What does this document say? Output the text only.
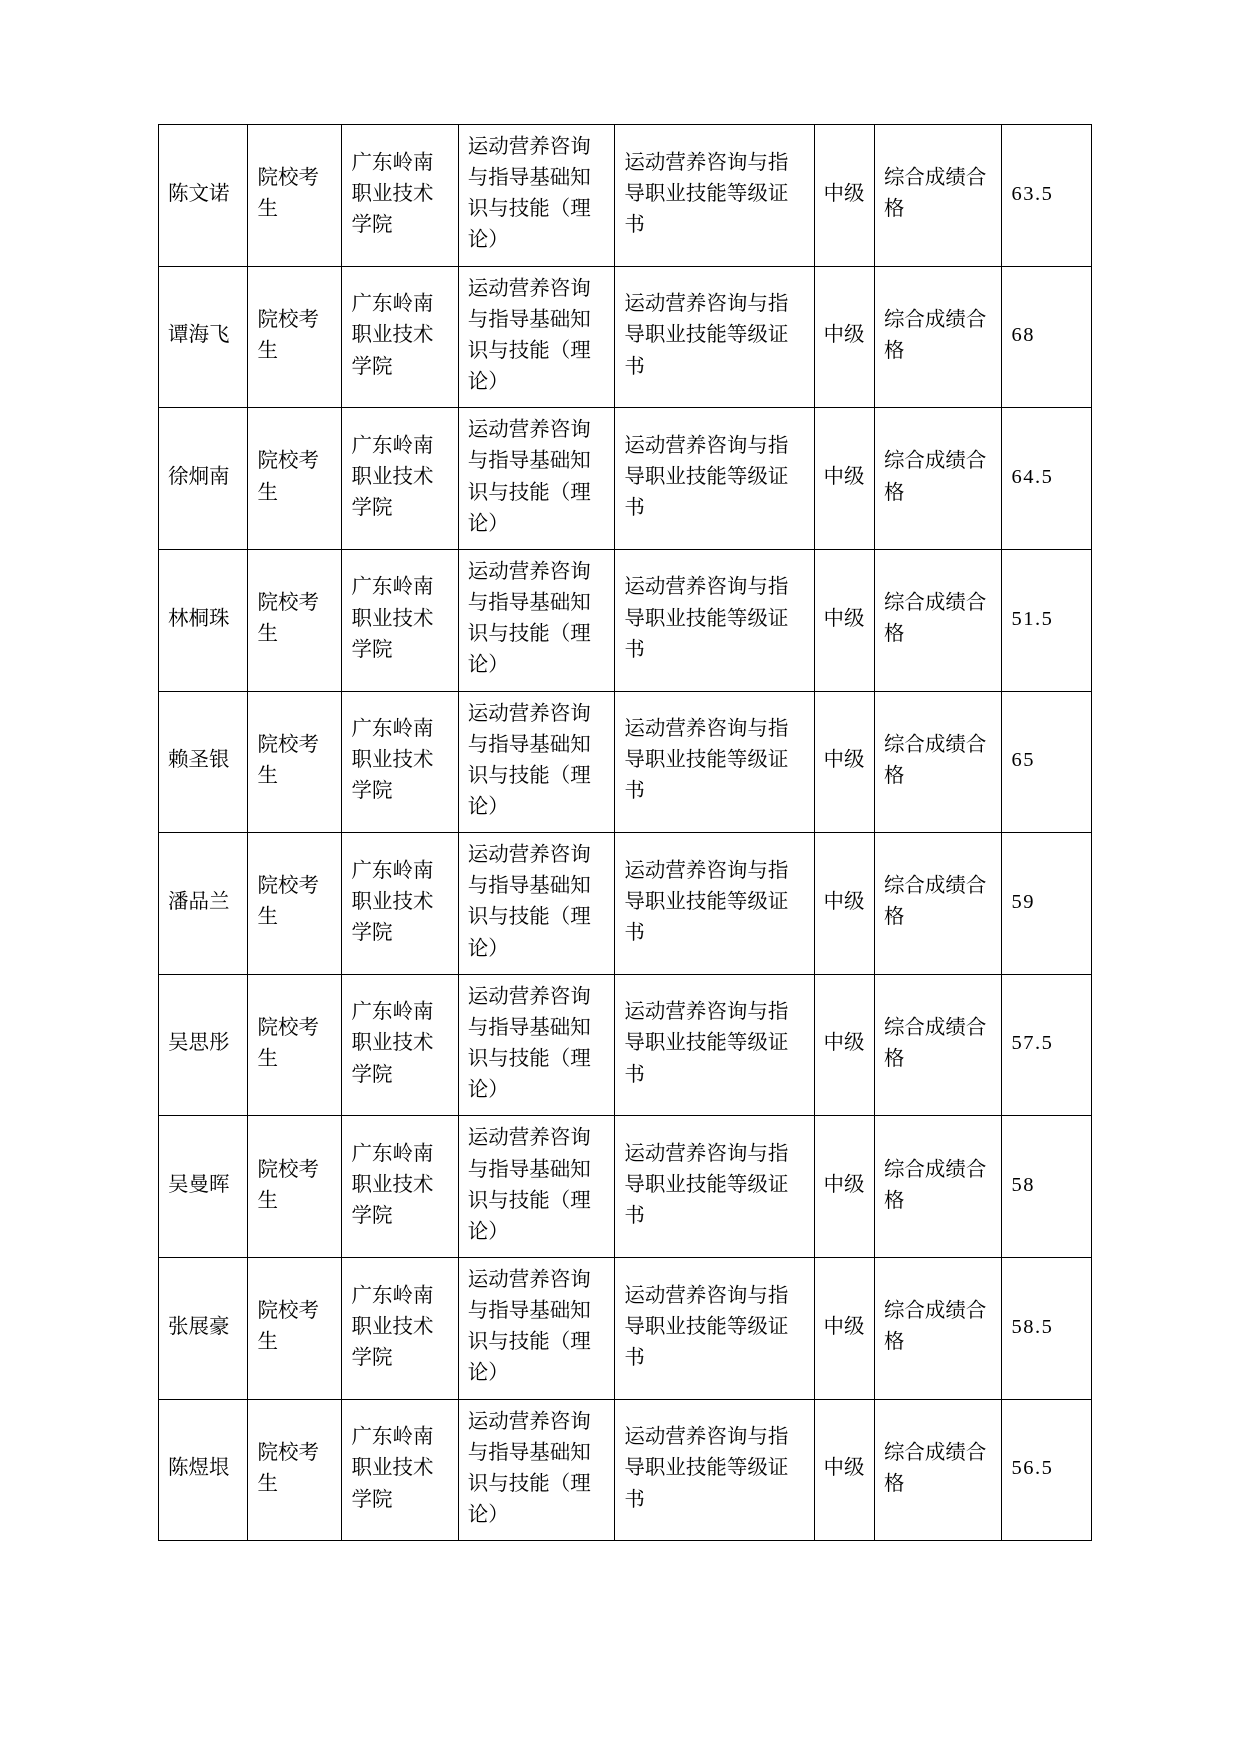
陈文诺	院校考生	广东岭南职业技术学院	运动营养咨询与指导基础知识与技能（理论）	运动营养咨询与指导职业技能等级证书	中级	综合成绩合格	63.5
谭海飞	院校考生	广东岭南职业技术学院	运动营养咨询与指导基础知识与技能（理论）	运动营养咨询与指导职业技能等级证书	中级	综合成绩合格	68
徐炯南	院校考生	广东岭南职业技术学院	运动营养咨询与指导基础知识与技能（理论）	运动营养咨询与指导职业技能等级证书	中级	综合成绩合格	64.5
林桐珠	院校考生	广东岭南职业技术学院	运动营养咨询与指导基础知识与技能（理论）	运动营养咨询与指导职业技能等级证书	中级	综合成绩合格	51.5
赖圣银	院校考生	广东岭南职业技术学院	运动营养咨询与指导基础知识与技能（理论）	运动营养咨询与指导职业技能等级证书	中级	综合成绩合格	65
潘品兰	院校考生	广东岭南职业技术学院	运动营养咨询与指导基础知识与技能（理论）	运动营养咨询与指导职业技能等级证书	中级	综合成绩合格	59
吴思彤	院校考生	广东岭南职业技术学院	运动营养咨询与指导基础知识与技能（理论）	运动营养咨询与指导职业技能等级证书	中级	综合成绩合格	57.5
吴曼晖	院校考生	广东岭南职业技术学院	运动营养咨询与指导基础知识与技能（理论）	运动营养咨询与指导职业技能等级证书	中级	综合成绩合格	58
张展豪	院校考生	广东岭南职业技术学院	运动营养咨询与指导基础知识与技能（理论）	运动营养咨询与指导职业技能等级证书	中级	综合成绩合格	58.5
陈煜垠	院校考生	广东岭南职业技术学院	运动营养咨询与指导基础知识与技能（理论）	运动营养咨询与指导职业技能等级证书	中级	综合成绩合格	56.5
